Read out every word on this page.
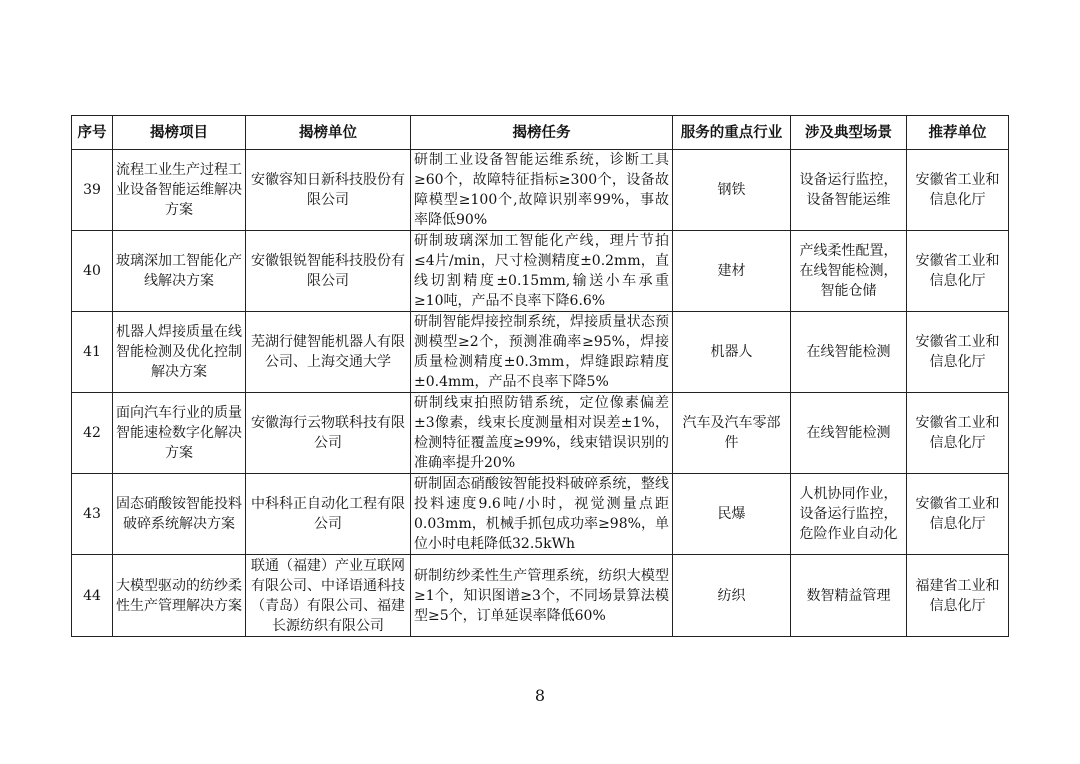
序号	揭榜项目	揭榜单位	揭榜任务	服务的重点行业	涉及典型场景	推荐单位
39	流程工业生产过程工业设备智能运维解决方案	安徽容知日新科技股份有限公司	研制工业设备智能运维系统，诊断工具≥60个，故障特征指标≥300个，设备故障模型≥100个,故障识别率99%，事故率降低90%	钢铁	设备运行监控，设备智能运维	安徽省工业和信息化厅
40	玻璃深加工智能化产线解决方案	安徽银锐智能科技股份有限公司	研制玻璃深加工智能化产线，理片节拍≤4片/min，尺寸检测精度±0.2mm，直线切割精度±0.15mm,输送小车承重≥10吨，产品不良率下降6.6%	建材	产线柔性配置，在线智能检测，智能仓储	安徽省工业和信息化厅
41	机器人焊接质量在线智能检测及优化控制解决方案	芜湖行健智能机器人有限公司、上海交通大学	研制智能焊接控制系统，焊接质量状态预测模型≥2个，预测准确率≥95%，焊接质量检测精度±0.3mm，焊缝跟踪精度±0.4mm，产品不良率下降5%	机器人	在线智能检测	安徽省工业和信息化厅
42	面向汽车行业的质量智能速检数字化解决方案	安徽海行云物联科技有限公司	研制线束拍照防错系统，定位像素偏差±3像素，线束长度测量相对误差±1%，检测特征覆盖度≥99%，线束错误识别的准确率提升20%	汽车及汽车零部件	在线智能检测	安徽省工业和信息化厅
43	固态硝酸铵智能投料破碎系统解决方案	中科科正自动化工程有限公司	研制固态硝酸铵智能投料破碎系统，整线投料速度9.6吨/小时，视觉测量点距 0.03mm，机械手抓包成功率≥98%，单位小时电耗降低32.5kWh	民爆	人机协同作业，设备运行监控，危险作业自动化	安徽省工业和信息化厅
44	大模型驱动的纺纱柔性生产管理解决方案	联通（福建）产业互联网有限公司、中译语通科技（青岛）有限公司、福建长源纺织有限公司	研制纺纱柔性生产管理系统，纺织大模型≥1个，知识图谱≥3个，不同场景算法模型≥5个，订单延误率降低60%	纺织	数智精益管理	福建省工业和信息化厅
8
